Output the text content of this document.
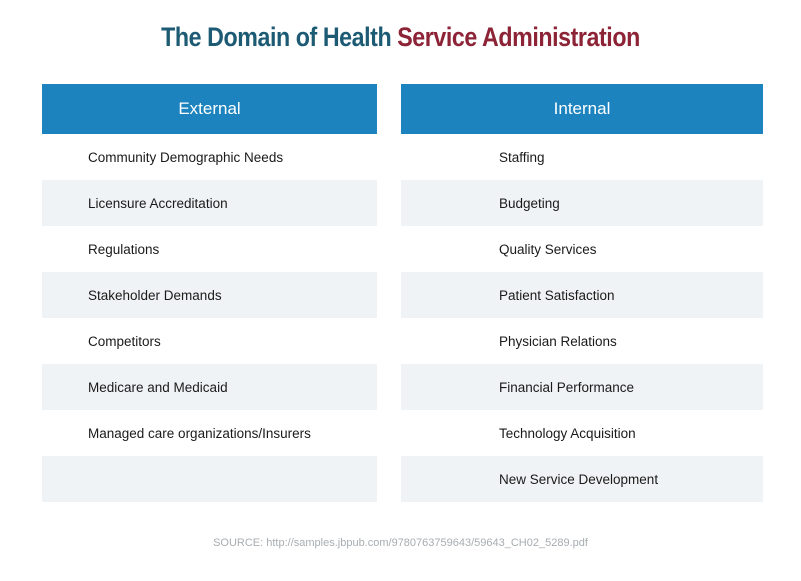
The Domain of Health Service Administration
External
Community Demographic Needs
Licensure Accreditation
Regulations
Stakeholder Demands
Competitors
Medicare and Medicaid
Managed care organizations/Insurers
Internal
Staffing
Budgeting
Quality Services
Patient Satisfaction
Physician Relations
Financial Performance
Technology Acquisition
New Service Development
SOURCE: http://samples.jbpub.com/9780763759643/59643_CH02_5289.pdf
